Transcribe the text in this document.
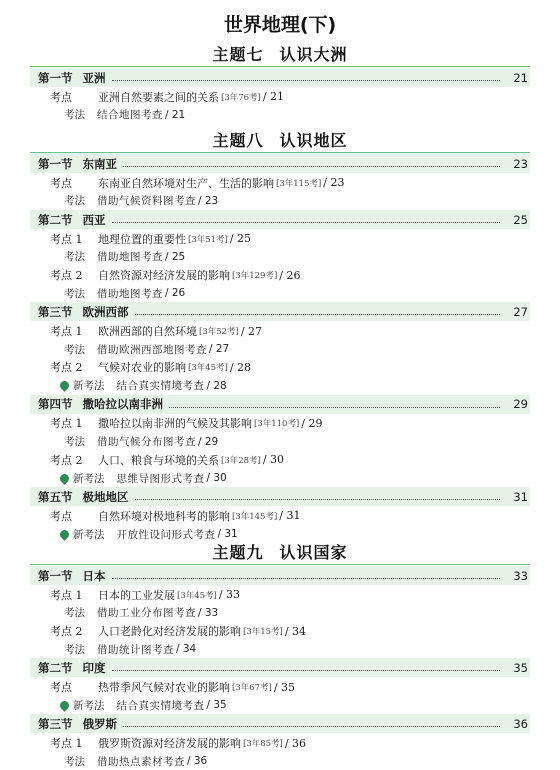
世界地理(下)
主题七 认识大洲
第一节 亚洲	21
考点	亚洲自然要素之间的关系 [3年76考] / 21
考法 结合地图考查 / 21
主题八 认识地区
第一节 东南亚	23
考点	东南亚自然环境对生产、生活的影响 [3年115考] / 23
考法 借助气候资料图考查 / 23
第二节 西亚	25
考点 1	地理位置的重要性 [3年51考] / 25
考法 借助地图考查 / 25
考点 2	自然资源对经济发展的影响 [3年129考] / 26
考法 借助地图考查 / 26
第三节 欧洲西部	27
考点 1	欧洲西部的自然环境 [3年52考] / 27
考法 借助欧洲西部地图考查 / 27
考点 2	气候对农业的影响 [3年45考] / 28
新考法 结合真实情境考查 / 28
第四节 撒哈拉以南非洲	29
考点 1	撒哈拉以南非洲的气候及其影响 [3年110考] / 29
考法 借助气候分布图考查 / 29
考点 2	人口、粮食与环境的关系 [3年28考] / 30
新考法 思维导图形式考查 / 30
第五节 极地地区	31
考点	自然环境对极地科考的影响 [3年145考] / 31
新考法 开放性设问形式考查 / 31
主题九 认识国家
第一节 日本	33
考点 1	日本的工业发展 [3年45考] / 33
考法 借助工业分布图考查 / 33
考点 2	人口老龄化对经济发展的影响 [3年15考] / 34
考法 借助统计图考查 / 34
第二节 印度	35
考点	热带季风气候对农业的影响 [3年67考] / 35
新考法 结合真实情境考查 / 35
第三节 俄罗斯	36
考点 1	俄罗斯资源对经济发展的影响 [3年85考] / 36
考法 借助热点素材考查 / 36
